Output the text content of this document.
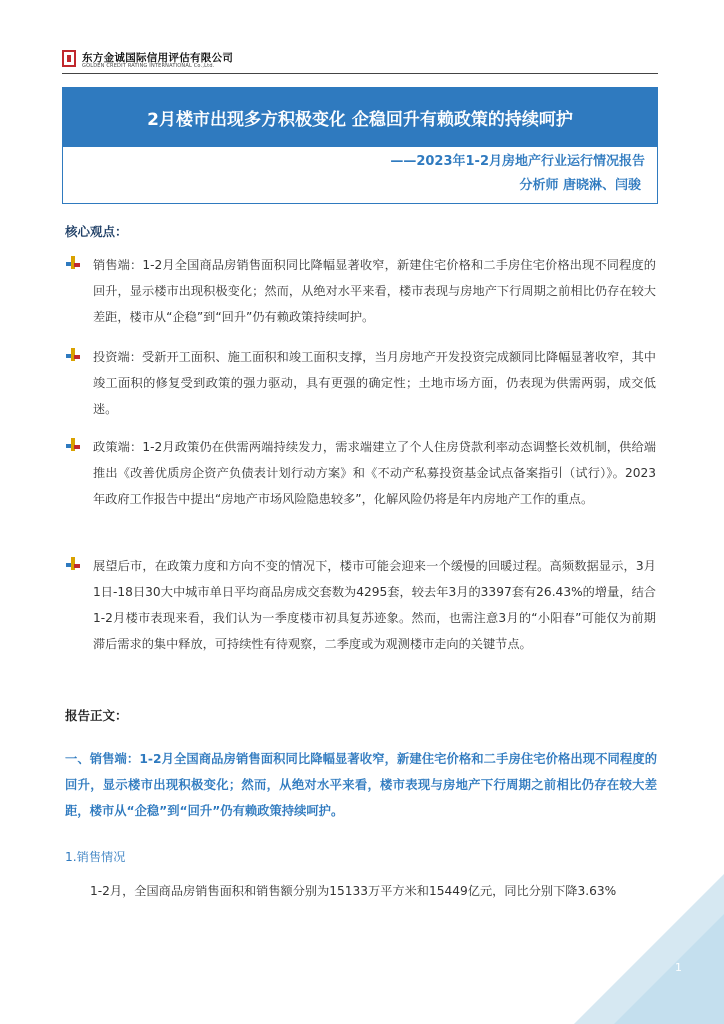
东方金诚国际信用评估有限公司
GOLDEN CREDIT RATING INTERNATIONAL Co.,Ltd.
2月楼市出现多方积极变化 企稳回升有赖政策的持续呵护
——2023年1-2月房地产行业运行情况报告
分析师 唐晓淋、闫骏
核心观点：
销售端：1-2月全国商品房销售面积同比降幅显著收窄，新建住宅价格和二手房住宅价格出现不同程度的回升，显示楼市出现积极变化；然而，从绝对水平来看，楼市表现与房地产下行周期之前相比仍存在较大差距，楼市从“企稳”到“回升”仍有赖政策持续呵护。
投资端：受新开工面积、施工面积和竣工面积支撑，当月房地产开发投资完成额同比降幅显著收窄，其中竣工面积的修复受到政策的强力驱动，具有更强的确定性；土地市场方面，仍表现为供需两弱，成交低迷。
政策端：1-2月政策仍在供需两端持续发力，需求端建立了个人住房贷款利率动态调整长效机制，供给端推出《改善优质房企资产负债表计划行动方案》和《不动产私募投资基金试点备案指引（试行）》。2023年政府工作报告中提出“房地产市场风险隐患较多”，化解风险仍将是年内房地产工作的重点。
展望后市，在政策力度和方向不变的情况下，楼市可能会迎来一个缓慢的回暖过程。高频数据显示，3月1日-18日30大中城市单日平均商品房成交套数为4295套，较去年3月的3397套有26.43%的增量，结合1-2月楼市表现来看，我们认为一季度楼市初具复苏迹象。然而，也需注意3月的“小阳春”可能仅为前期滞后需求的集中释放，可持续性有待观察，二季度或为观测楼市走向的关键节点。
报告正文：
一、销售端：1-2月全国商品房销售面积同比降幅显著收窄，新建住宅价格和二手房住宅价格出现不同程度的回升，显示楼市出现积极变化；然而，从绝对水平来看，楼市表现与房地产下行周期之前相比仍存在较大差距，楼市从“企稳”到“回升”仍有赖政策持续呵护。
1.销售情况
1-2月，全国商品房销售面积和销售额分别为15133万平方米和15449亿元，同比分别下降3.63%
1
